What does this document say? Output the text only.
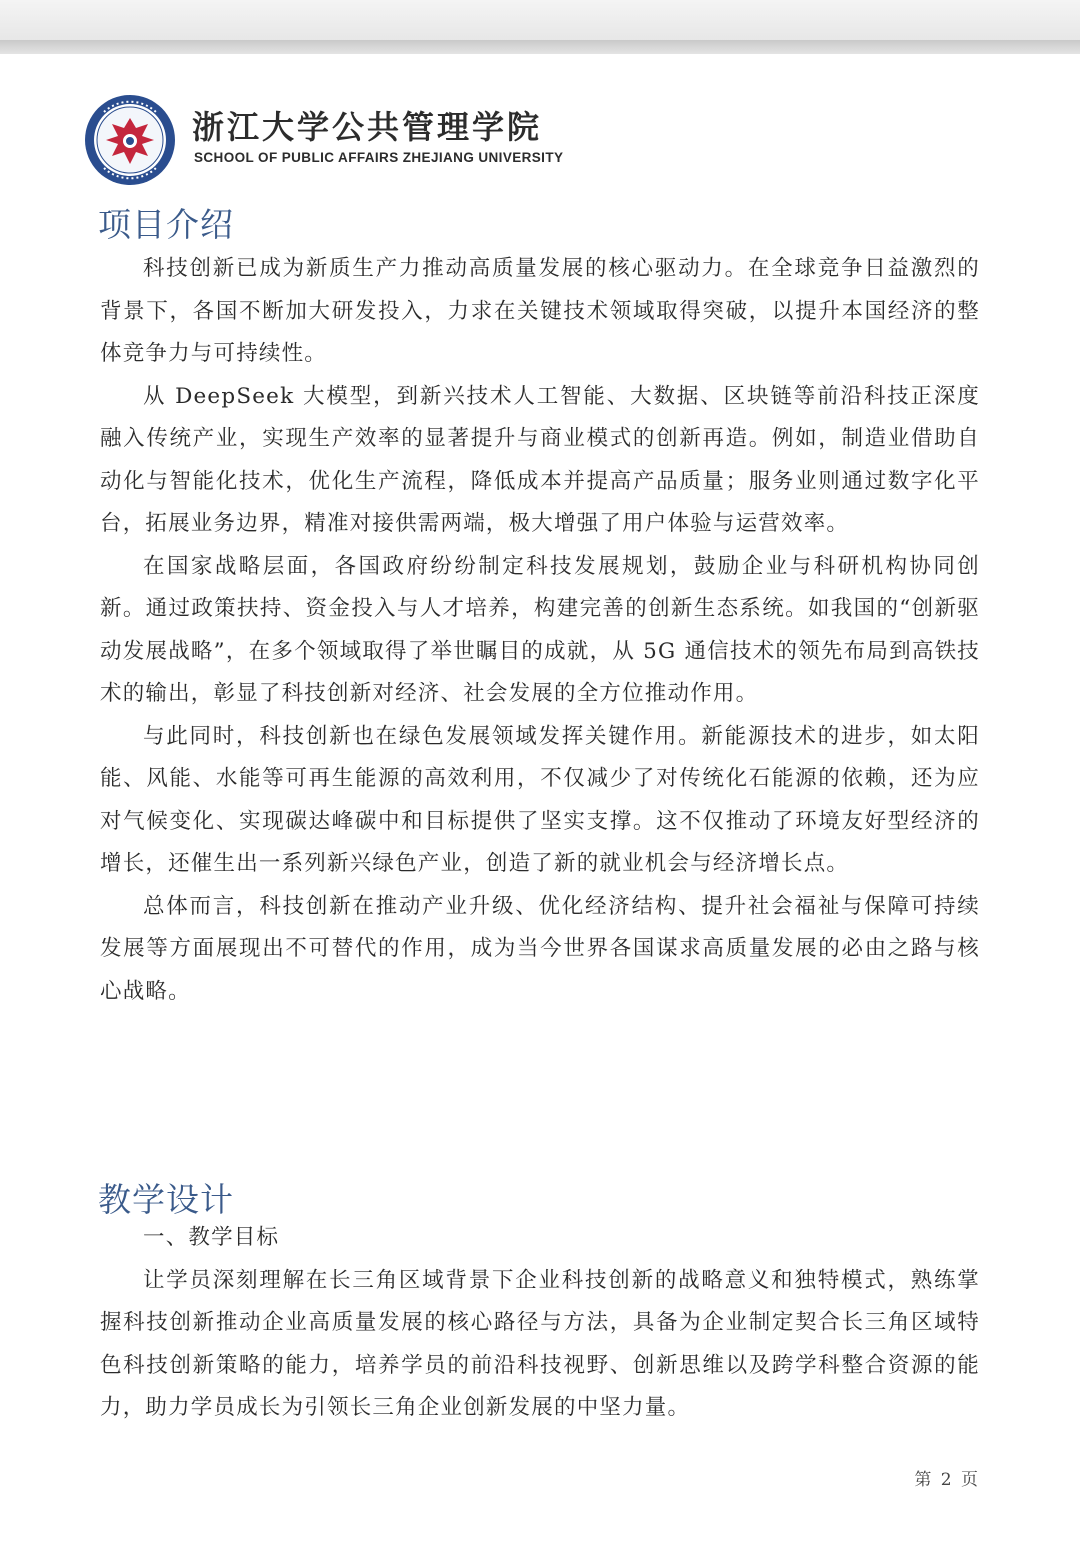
浙江大学公共管理学院
SCHOOL OF PUBLIC AFFAIRS ZHEJIANG UNIVERSITY
项目介绍

科技创新已成为新质生产力推动高质量发展的核心驱动力。在全球竞争日益激烈的背景下，各国不断加大研发投入，力求在关键技术领域取得突破，以提升本国经济的整体竞争力与可持续性。

从 DeepSeek 大模型，到新兴技术人工智能、大数据、区块链等前沿科技正深度融入传统产业，实现生产效率的显著提升与商业模式的创新再造。例如，制造业借助自动化与智能化技术，优化生产流程，降低成本并提高产品质量；服务业则通过数字化平台，拓展业务边界，精准对接供需两端，极大增强了用户体验与运营效率。

在国家战略层面，各国政府纷纷制定科技发展规划，鼓励企业与科研机构协同创新。通过政策扶持、资金投入与人才培养，构建完善的创新生态系统。如我国的“创新驱动发展战略”，在多个领域取得了举世瞩目的成就，从 5G 通信技术的领先布局到高铁技术的输出，彰显了科技创新对经济、社会发展的全方位推动作用。

与此同时，科技创新也在绿色发展领域发挥关键作用。新能源技术的进步，如太阳能、风能、水能等可再生能源的高效利用，不仅减少了对传统化石能源的依赖，还为应对气候变化、实现碳达峰碳中和目标提供了坚实支撑。这不仅推动了环境友好型经济的增长，还催生出一系列新兴绿色产业，创造了新的就业机会与经济增长点。

总体而言，科技创新在推动产业升级、优化经济结构、提升社会福祉与保障可持续发展等方面展现出不可替代的作用，成为当今世界各国谋求高质量发展的必由之路与核心战略。

教学设计
一、教学目标

让学员深刻理解在长三角区域背景下企业科技创新的战略意义和独特模式，熟练掌握科技创新推动企业高质量发展的核心路径与方法，具备为企业制定契合长三角区域特色科技创新策略的能力，培养学员的前沿科技视野、创新思维以及跨学科整合资源的能力，助力学员成长为引领长三角企业创新发展的中坚力量。

第 2 页
